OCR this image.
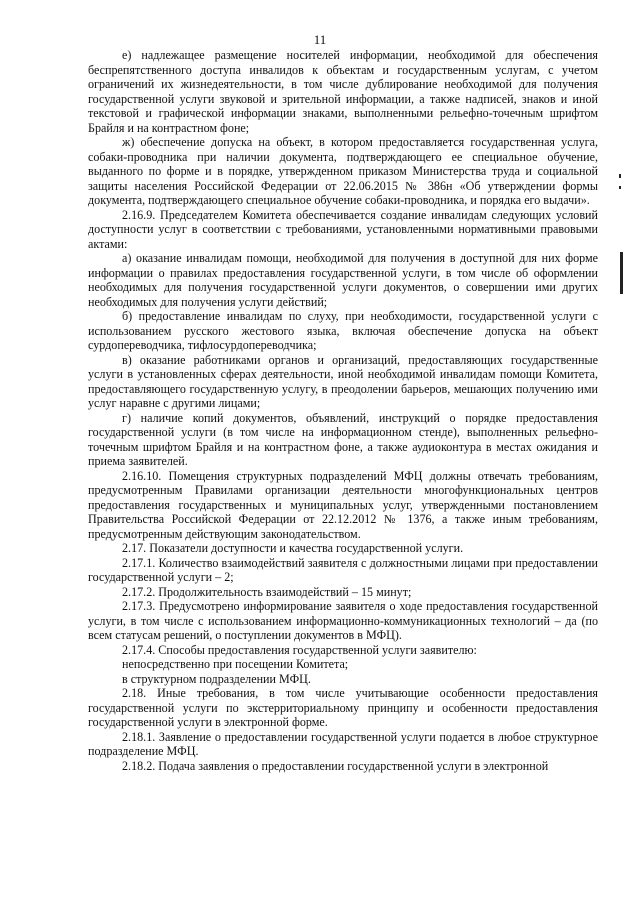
11

е) надлежащее размещение носителей информации, необходимой для обеспечения беспрепятственного доступа инвалидов к объектам и государственным услугам, с учетом ограничений их жизнедеятельности, в том числе дублирование необходимой для получения государственной услуги звуковой и зрительной информации, а также надписей, знаков и иной текстовой и графической информации знаками, выполненными рельефно-точечным шрифтом Брайля и на контрастном фоне;

ж) обеспечение допуска на объект, в котором предоставляется государственная услуга, собаки-проводника при наличии документа, подтверждающего ее специальное обучение, выданного по форме и в порядке, утвержденном приказом Министерства труда и социальной защиты населения Российской Федерации от 22.06.2015 № 386н «Об утверждении формы документа, подтверждающего специальное обучение собаки-проводника, и порядка его выдачи».

2.16.9. Председателем Комитета обеспечивается создание инвалидам следующих условий доступности услуг в соответствии с требованиями, установленными нормативными правовыми актами:

а) оказание инвалидам помощи, необходимой для получения в доступной для них форме информации о правилах предоставления государственной услуги, в том числе об оформлении необходимых для получения государственной услуги документов, о совершении ими других необходимых для получения услуги действий;

б) предоставление инвалидам по слуху, при необходимости, государственной услуги с использованием русского жестового языка, включая обеспечение допуска на объект сурдопереводчика, тифлосурдопереводчика;

в) оказание работниками органов и организаций, предоставляющих государственные услуги в установленных сферах деятельности, иной необходимой инвалидам помощи Комитета, предоставляющего государственную услугу, в преодолении барьеров, мешающих получению ими услуг наравне с другими лицами;

г) наличие копий документов, объявлений, инструкций о порядке предоставления государственной услуги (в том числе на информационном стенде), выполненных рельефно-точечным шрифтом Брайля и на контрастном фоне, а также аудиоконтура в местах ожидания и приема заявителей.

2.16.10. Помещения структурных подразделений МФЦ должны отвечать требованиям, предусмотренным Правилами организации деятельности многофункциональных центров предоставления государственных и муниципальных услуг, утвержденными постановлением Правительства Российской Федерации от 22.12.2012 № 1376, а также иным требованиям, предусмотренным действующим законодательством.

2.17. Показатели доступности и качества государственной услуги.

2.17.1. Количество взаимодействий заявителя с должностными лицами при предоставлении государственной услуги – 2;

2.17.2. Продолжительность взаимодействий – 15 минут;

2.17.3. Предусмотрено информирование заявителя о ходе предоставления государственной услуги, в том числе с использованием информационно-коммуникационных технологий – да (по всем статусам решений, о поступлении документов в МФЦ).

2.17.4. Способы предоставления государственной услуги заявителю:

непосредственно при посещении Комитета;

в структурном подразделении МФЦ.

2.18. Иные требования, в том числе учитывающие особенности предоставления государственной услуги по экстерриториальному принципу и особенности предоставления государственной услуги в электронной форме.

2.18.1. Заявление о предоставлении государственной услуги подается в любое структурное подразделение МФЦ.

2.18.2. Подача заявления о предоставлении государственной услуги в электронной
